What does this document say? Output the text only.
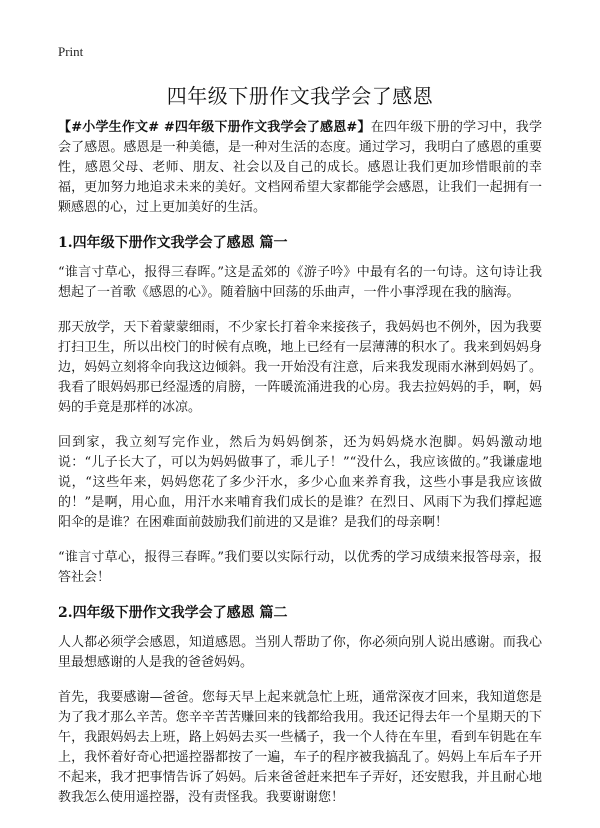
Print
四年级下册作文我学会了感恩

【#小学生作文# #四年级下册作文我学会了感恩#】在四年级下册的学习中，我学会了感恩。感恩是一种美德，是一种对生活的态度。通过学习，我明白了感恩的重要性，感恩父母、老师、朋友、社会以及自己的成长。感恩让我们更加珍惜眼前的幸福，更加努力地追求未来的美好。文档网希望大家都能学会感恩，让我们一起拥有一颗感恩的心，过上更加美好的生活。

1.四年级下册作文我学会了感恩 篇一

“谁言寸草心，报得三春晖。”这是孟郊的《游子吟》中最有名的一句诗。这句诗让我想起了一首歌《感恩的心》。随着脑中回荡的乐曲声，一件小事浮现在我的脑海。

那天放学，天下着蒙蒙细雨，不少家长打着伞来接孩子，我妈妈也不例外，因为我要打扫卫生，所以出校门的时候有点晚，地上已经有一层薄薄的积水了。我来到妈妈身边，妈妈立刻将伞向我这边倾斜。我一开始没有注意，后来我发现雨水淋到妈妈了。我看了眼妈妈那已经湿透的肩膀，一阵暖流涌进我的心房。我去拉妈妈的手，啊，妈妈的手竟是那样的冰凉。

回到家，我立刻写完作业，然后为妈妈倒茶，还为妈妈烧水泡脚。妈妈激动地说：“儿子长大了，可以为妈妈做事了，乖儿子！”“没什么，我应该做的。”我谦虚地说，“这些年来，妈妈您花了多少汗水，多少心血来养育我，这些小事是我应该做的！”是啊，用心血，用汗水来哺育我们成长的是谁？在烈日、风雨下为我们撑起遮阳伞的是谁？在困难面前鼓励我们前进的又是谁？是我们的母亲啊！

“谁言寸草心，报得三春晖。”我们要以实际行动，以优秀的学习成绩来报答母亲，报答社会！

2.四年级下册作文我学会了感恩 篇二

人人都必须学会感恩，知道感恩。当别人帮助了你，你必须向别人说出感谢。而我心里最想感谢的人是我的爸爸妈妈。

首先，我要感谢—爸爸。您每天早上起来就急忙上班，通常深夜才回来，我知道您是为了我才那么辛苦。您辛辛苦苦赚回来的钱都给我用。我还记得去年一个星期天的下午，我跟妈妈去上班，路上妈妈去买一些橘子，我一个人待在车里，看到车钥匙在车上，我怀着好奇心把遥控器都按了一遍，车子的程序被我搞乱了。妈妈上车后车子开不起来，我才把事情告诉了妈妈。后来爸爸赶来把车子弄好，还安慰我，并且耐心地教我怎么使用遥控器，没有责怪我。我要谢谢您！
